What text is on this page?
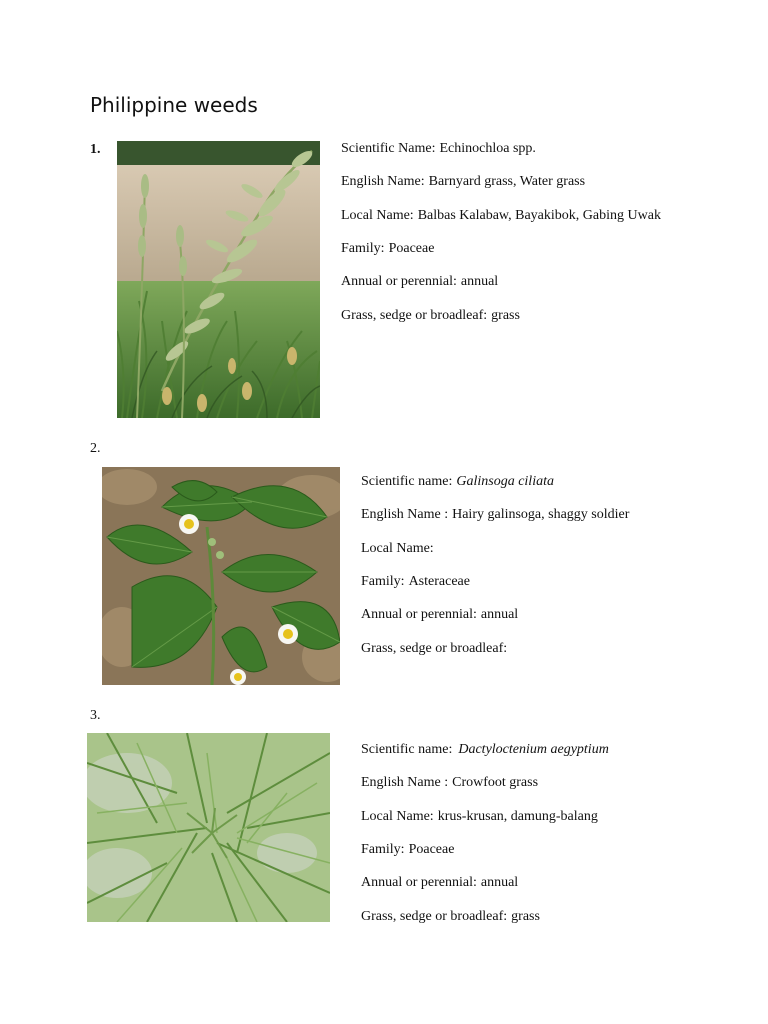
Philippine weeds
1.	Scientific Name: Echinochloa spp.
English Name: Barnyard grass, Water grass
Local Name: Balbas Kalabaw, Bayakibok, Gabing Uwak
Family: Poaceae
Annual or perennial: annual
Grass, sedge or broadleaf: grass
2.
Scientific name: Galinsoga ciliata
English Name : Hairy galinsoga, shaggy soldier
Local Name:
Family: Asteraceae
Annual or perennial: annual
Grass, sedge or broadleaf:
3.
Scientific name: Dactyloctenium aegyptium
English Name : Crowfoot grass
Local Name: krus-krusan, damung-balang
Family: Poaceae
Annual or perennial: annual
Grass, sedge or broadleaf: grass
